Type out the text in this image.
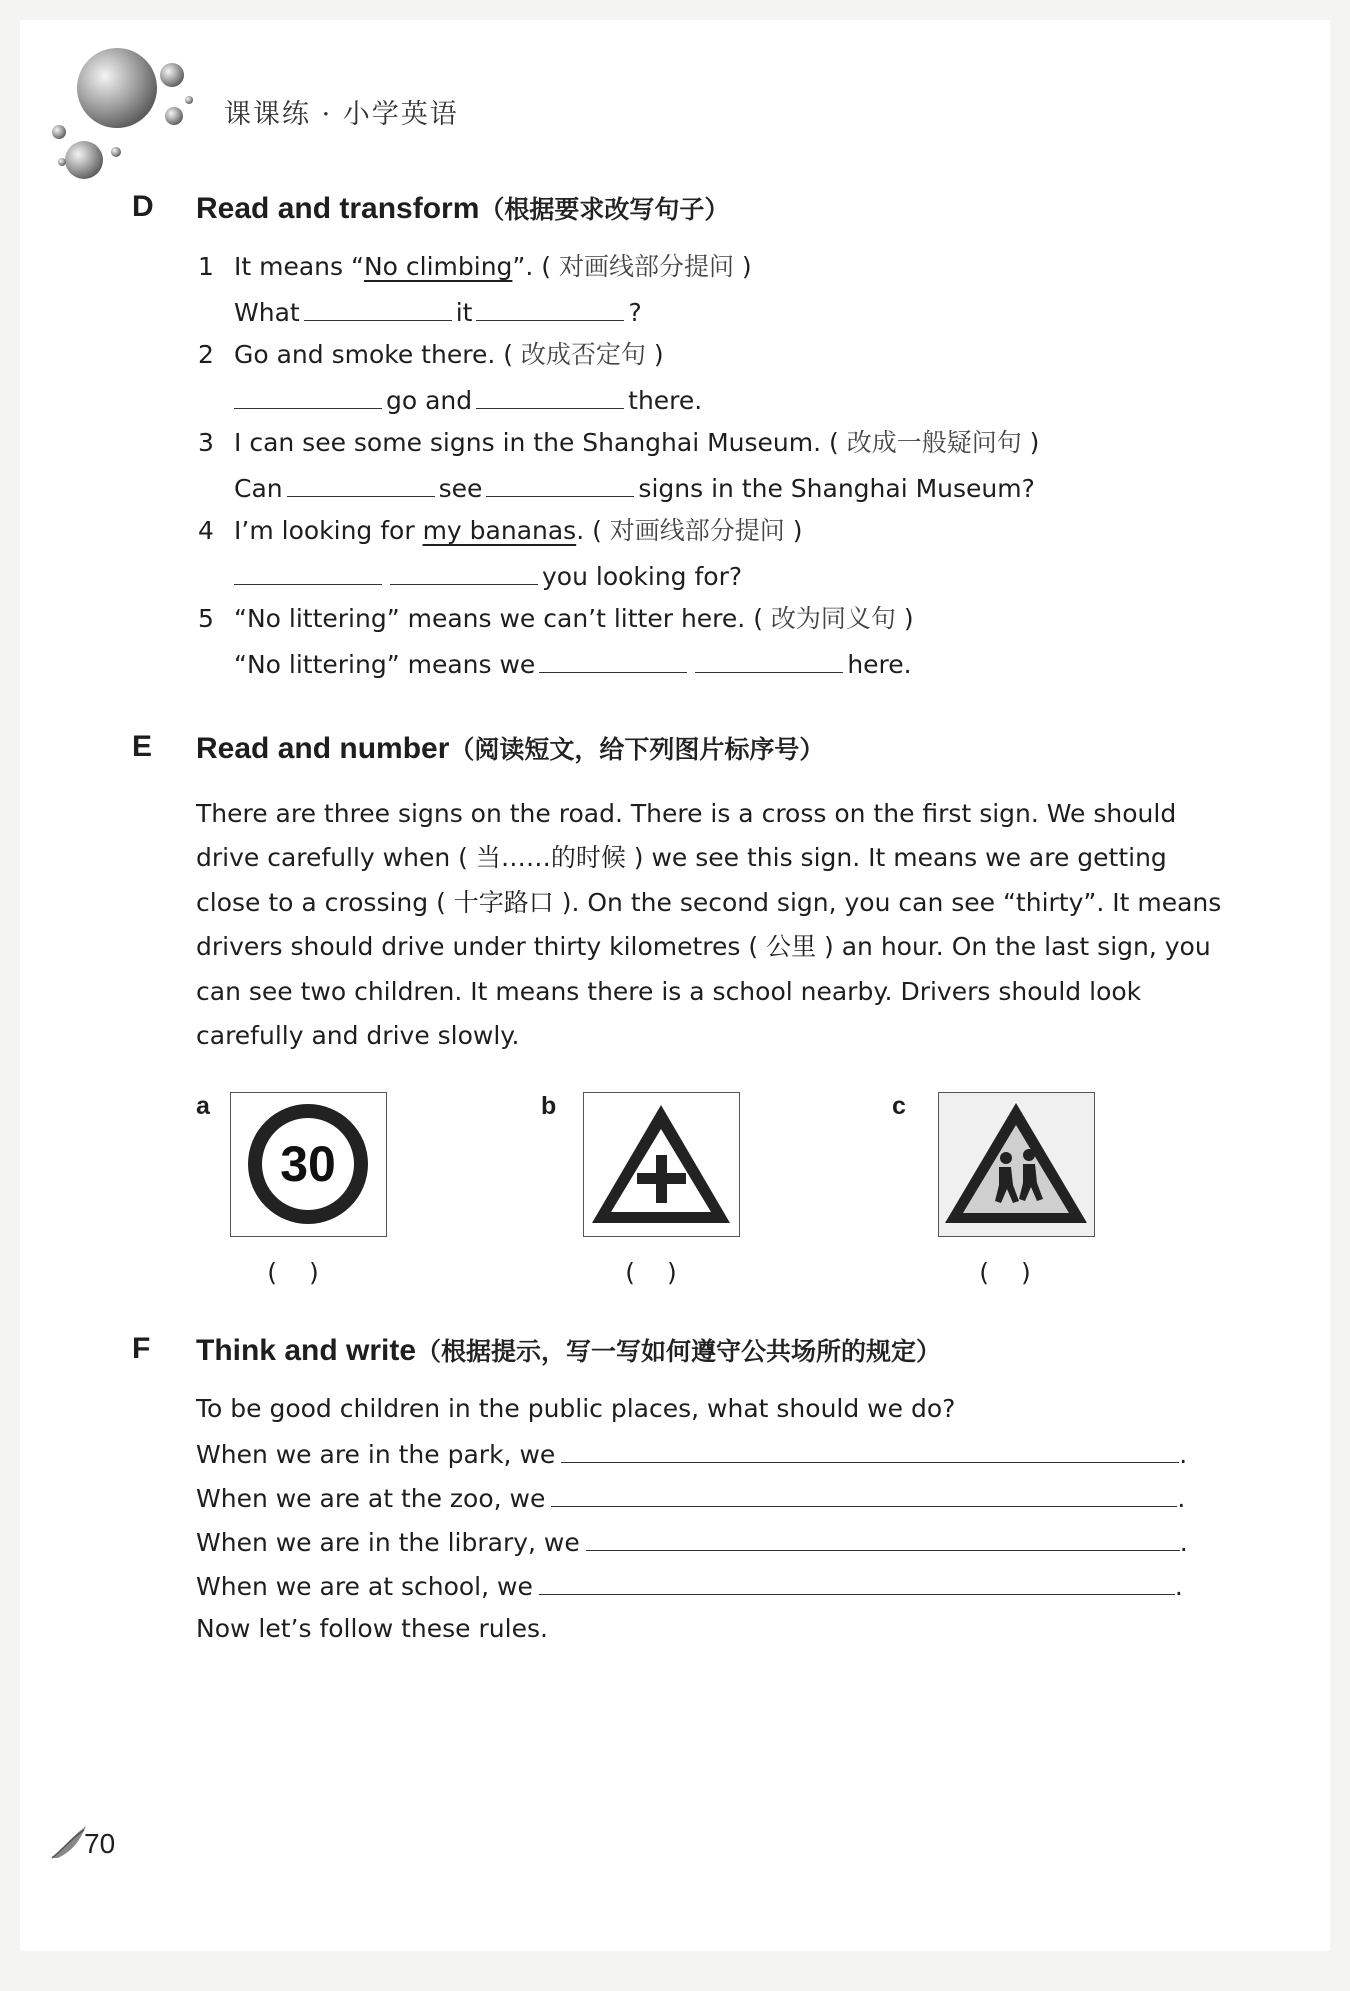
课课练 · 小学英语
D Read and transform（根据要求改写句子）
1 It means “No climbing”. ( 对画线部分提问 )
What	it	?
2 Go and smoke there. ( 改成否定句 )
go and	there.
3 I can see some signs in the Shanghai Museum. ( 改成一般疑问句 )
Can	see	signs in the Shanghai Museum?
4 I’m looking for my bananas. ( 对画线部分提问 )
you looking for?
5 “No littering” means we can’t litter here. ( 改为同义句 )
“No littering” means we	here.
E Read and number（阅读短文，给下列图片标序号）

There are three signs on the road. There is a cross on the first sign. We should

drive carefully when ( 当……的时候 ) we see this sign. It means we are getting

close to a crossing ( 十字路口 ). On the second sign, you can see “thirty”. It means

drivers should drive under thirty kilometres ( 公里 ) an hour. On the last sign, you

can see two children. It means there is a school nearby. Drivers should look

carefully and drive slowly.

a
30
( )
b
( )
c
( )
F Think and write（根据提示，写一写如何遵守公共场所的规定）
To be good children in the public places, what should we do?
When we are in the park, we	.
When we are at the zoo, we	.
When we are in the library, we	.
When we are at school, we	.
Now let’s follow these rules.
70
